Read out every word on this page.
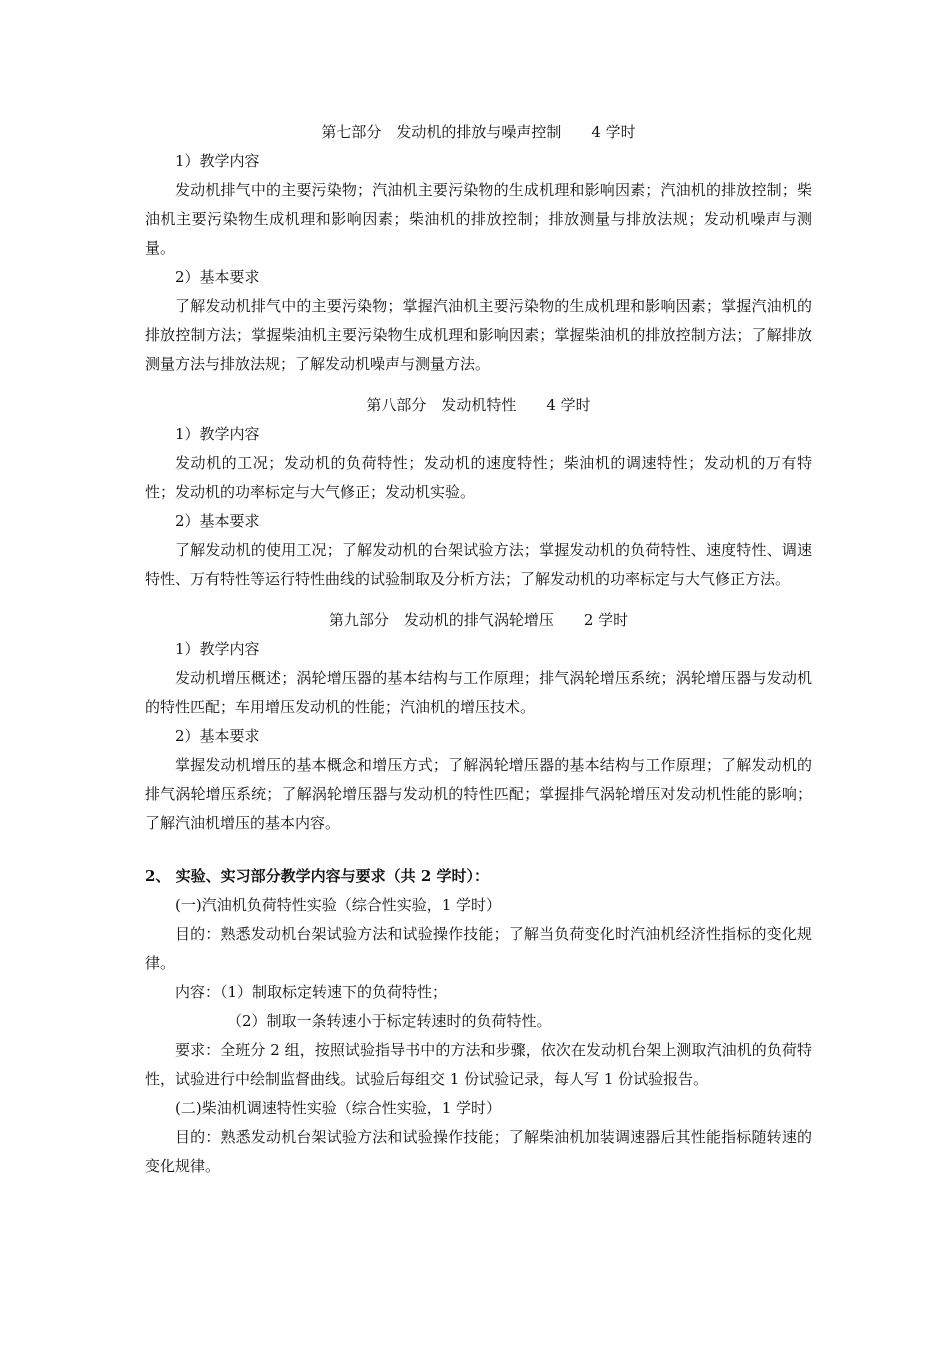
第七部分　发动机的排放与噪声控制　　4 学时

1）教学内容

发动机排气中的主要污染物；汽油机主要污染物的生成机理和影响因素；汽油机的排放控制；柴油机主要污染物生成机理和影响因素；柴油机的排放控制；排放测量与排放法规；发动机噪声与测量。

2）基本要求

了解发动机排气中的主要污染物；掌握汽油机主要污染物的生成机理和影响因素；掌握汽油机的排放控制方法；掌握柴油机主要污染物生成机理和影响因素；掌握柴油机的排放控制方法；了解排放测量方法与排放法规；了解发动机噪声与测量方法。

第八部分　发动机特性　　4 学时

1）教学内容

发动机的工况；发动机的负荷特性；发动机的速度特性；柴油机的调速特性；发动机的万有特性；发动机的功率标定与大气修正；发动机实验。

2）基本要求

了解发动机的使用工况；了解发动机的台架试验方法；掌握发动机的负荷特性、速度特性、调速特性、万有特性等运行特性曲线的试验制取及分析方法；了解发动机的功率标定与大气修正方法。

第九部分　发动机的排气涡轮增压　　2 学时

1）教学内容

发动机增压概述；涡轮增压器的基本结构与工作原理；排气涡轮增压系统；涡轮增压器与发动机的特性匹配；车用增压发动机的性能；汽油机的增压技术。

2）基本要求

掌握发动机增压的基本概念和增压方式；了解涡轮增压器的基本结构与工作原理；了解发动机的排气涡轮增压系统；了解涡轮增压器与发动机的特性匹配；掌握排气涡轮增压对发动机性能的影响；了解汽油机增压的基本内容。

2、 实验、实习部分教学内容与要求（共 2 学时）：

(一)汽油机负荷特性实验（综合性实验，1 学时）

目的：熟悉发动机台架试验方法和试验操作技能；了解当负荷变化时汽油机经济性指标的变化规律。

内容：（1）制取标定转速下的负荷特性；

（2）制取一条转速小于标定转速时的负荷特性。

要求：全班分 2 组，按照试验指导书中的方法和步骤，依次在发动机台架上测取汽油机的负荷特性，试验进行中绘制监督曲线。试验后每组交 1 份试验记录，每人写 1 份试验报告。

(二)柴油机调速特性实验（综合性实验，1 学时）

目的：熟悉发动机台架试验方法和试验操作技能；了解柴油机加装调速器后其性能指标随转速的变化规律。
